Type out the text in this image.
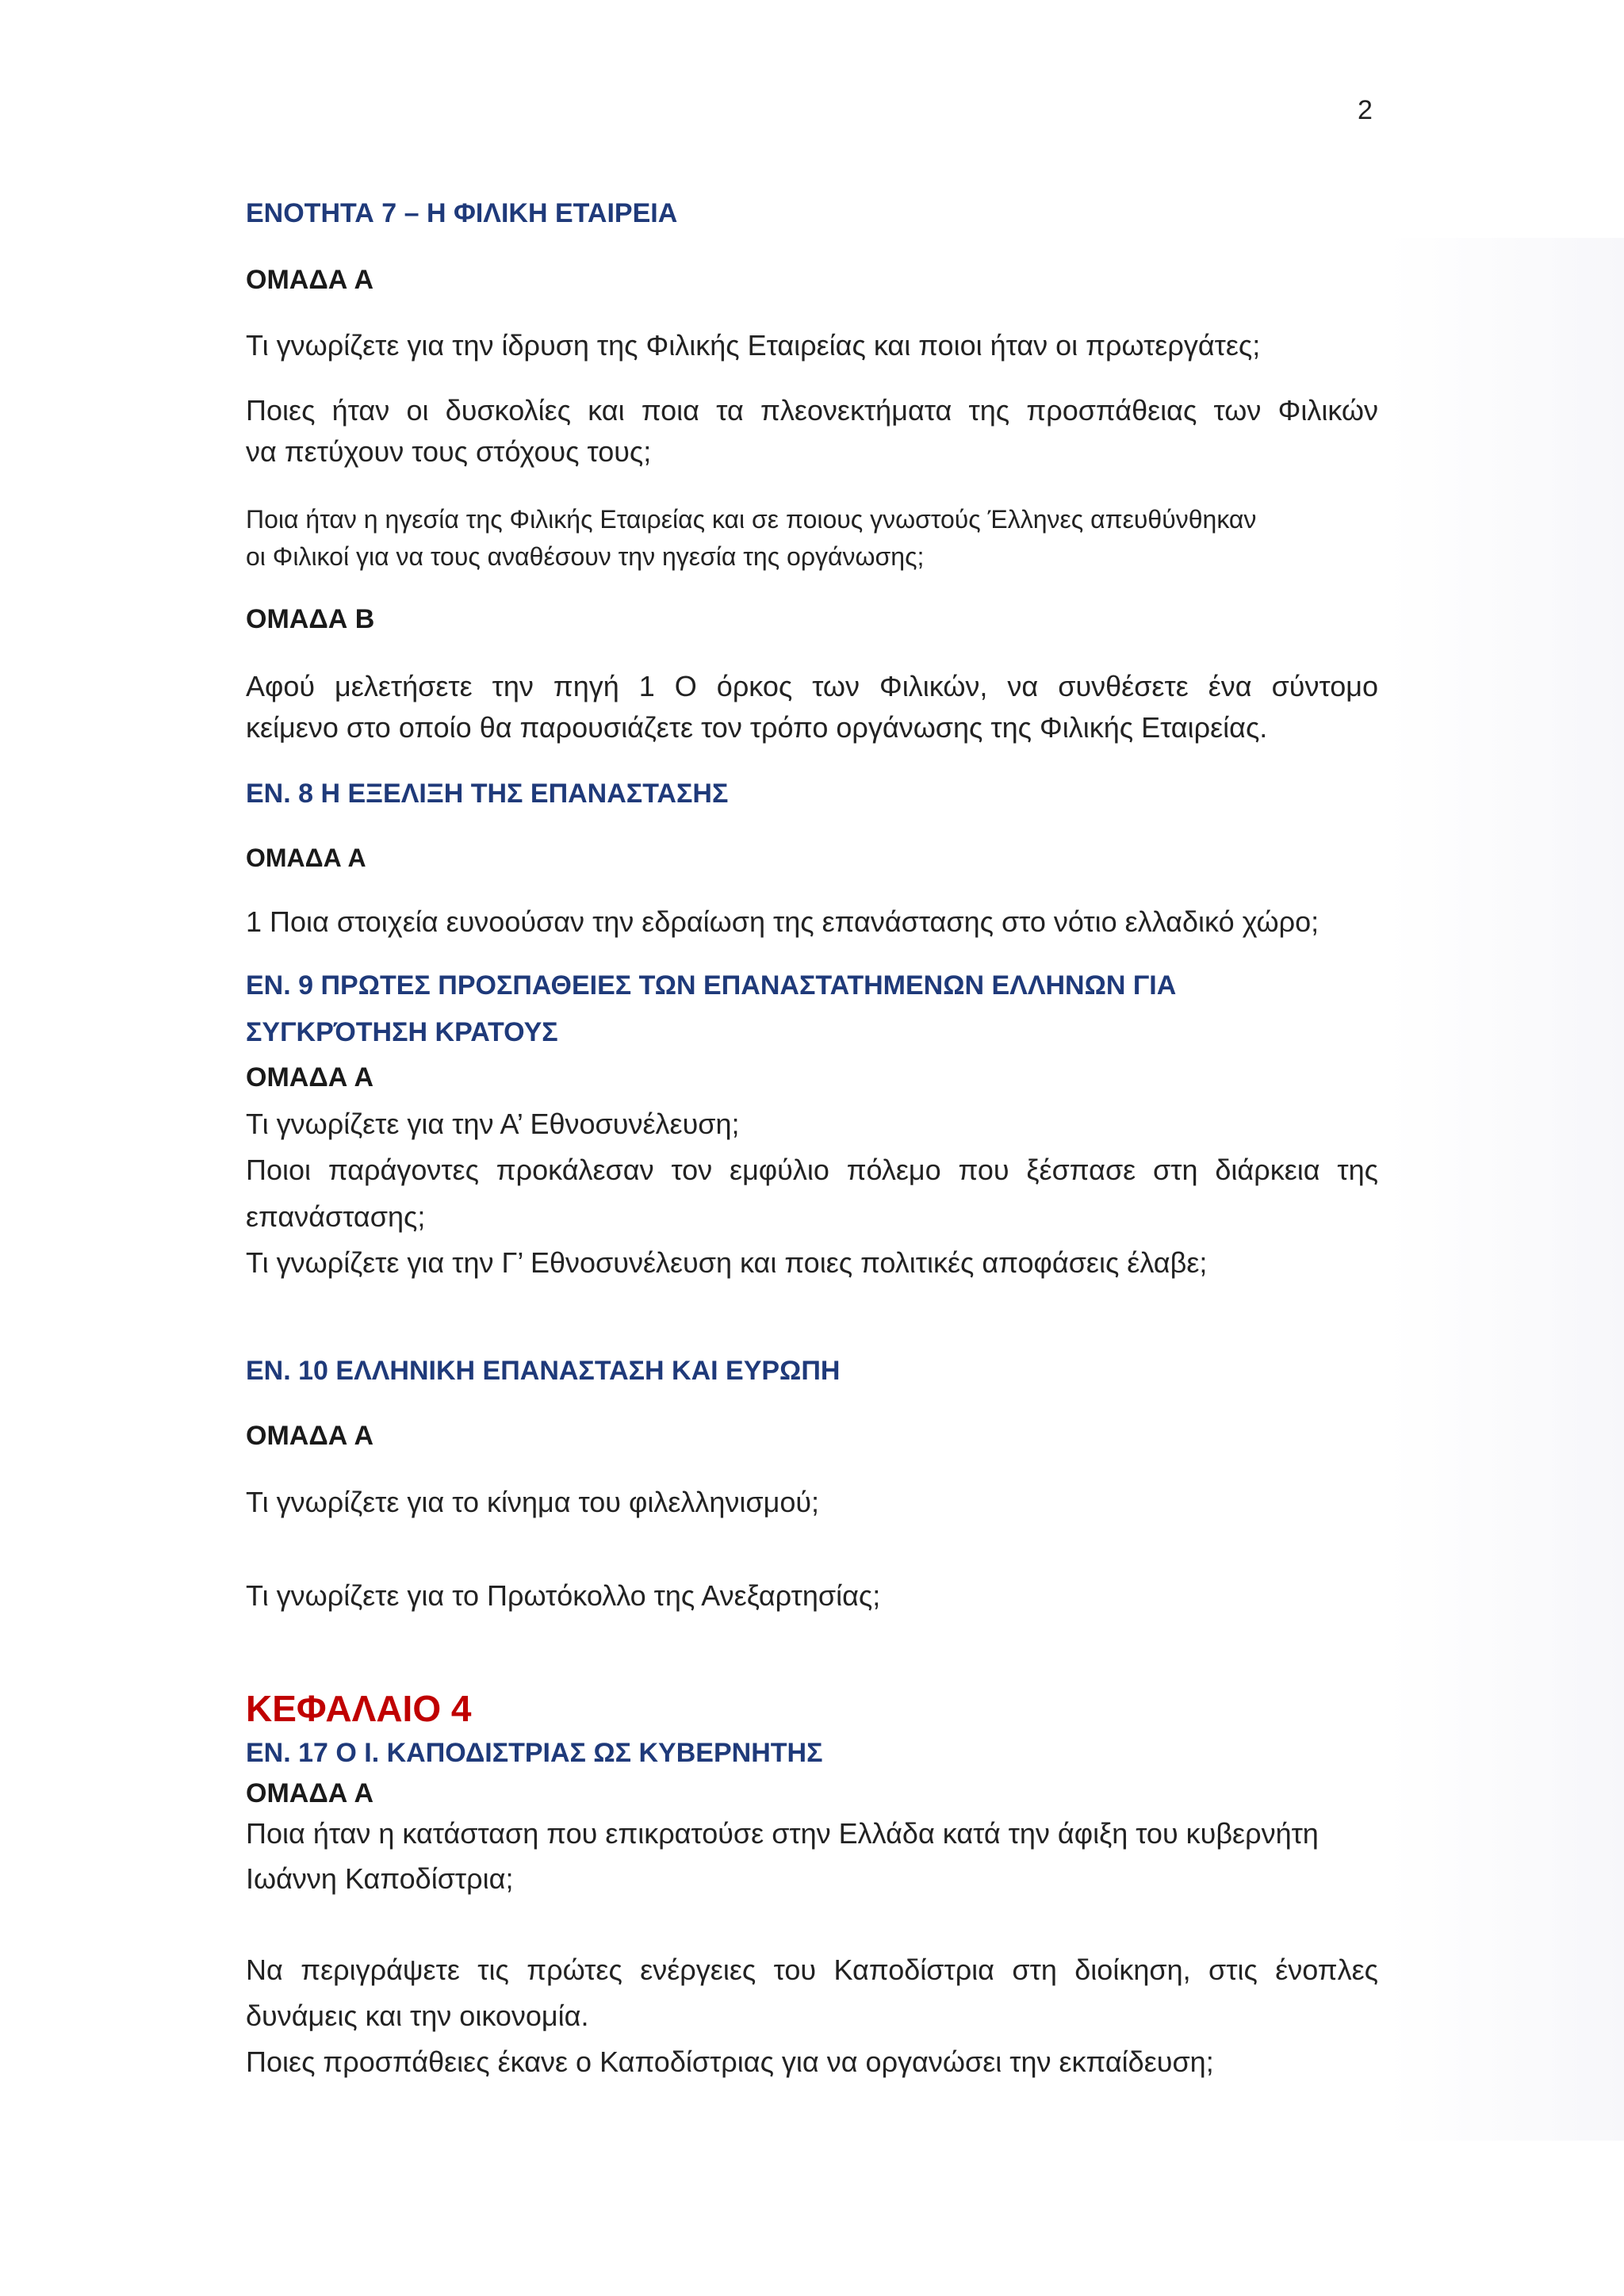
2
ΕΝΟΤΗΤΑ 7 – Η ΦΙΛΙΚΗ ΕΤΑΙΡΕΙΑ
ΟΜΑΔΑ Α
Τι γνωρίζετε για την ίδρυση της Φιλικής Εταιρείας και ποιοι ήταν οι πρωτεργάτες;
Ποιες ήταν οι δυσκολίες και ποια τα πλεονεκτήματα της προσπάθειας των Φιλικών
να πετύχουν τους στόχους τους;
Ποια ήταν η ηγεσία της Φιλικής Εταιρείας και σε ποιους γνωστούς Έλληνες απευθύνθηκαν
οι Φιλικοί για να τους αναθέσουν την ηγεσία της οργάνωσης;
ΟΜΑΔΑ Β
Αφού μελετήσετε την πηγή 1 Ο όρκος των Φιλικών, να συνθέσετε ένα σύντομο
κείμενο στο οποίο θα παρουσιάζετε τον τρόπο οργάνωσης της Φιλικής Εταιρείας.
ΕΝ. 8 Η ΕΞΕΛΙΞΗ ΤΗΣ ΕΠΑΝΑΣΤΑΣΗΣ
ΟΜΑΔΑ Α
1 Ποια στοιχεία ευνοούσαν την εδραίωση της επανάστασης στο νότιο ελλαδικό χώρο;
ΕΝ. 9 ΠΡΩΤΕΣ ΠΡΟΣΠΑΘΕΙΕΣ ΤΩΝ ΕΠΑΝΑΣΤΑΤΗΜΕΝΩΝ ΕΛΛΗΝΩΝ ΓΙΑ
ΣΥΓΚΡΌΤΗΣΗ ΚΡΑΤΟΥΣ
ΟΜΑΔΑ Α
Τι γνωρίζετε για την Α’ Εθνοσυνέλευση;
Ποιοι παράγοντες προκάλεσαν τον εμφύλιο πόλεμο που ξέσπασε στη διάρκεια της
επανάστασης;
Τι γνωρίζετε για την Γ’ Εθνοσυνέλευση και ποιες πολιτικές αποφάσεις έλαβε;
ΕΝ. 10 ΕΛΛΗΝΙΚΗ ΕΠΑΝΑΣΤΑΣΗ ΚΑΙ ΕΥΡΩΠΗ
ΟΜΑΔΑ Α
Τι γνωρίζετε για το κίνημα του φιλελληνισμού;
Τι γνωρίζετε για το Πρωτόκολλο της Ανεξαρτησίας;
ΚΕΦΑΛΑΙΟ 4
ΕΝ. 17 Ο Ι. ΚΑΠΟΔΙΣΤΡΙΑΣ ΩΣ ΚΥΒΕΡΝΗΤΗΣ
ΟΜΑΔΑ Α
Ποια ήταν η κατάσταση που επικρατούσε στην Ελλάδα κατά την άφιξη του κυβερνήτη
Ιωάννη Καποδίστρια;
Να περιγράψετε τις πρώτες ενέργειες του Καποδίστρια στη διοίκηση, στις ένοπλες
δυνάμεις και την οικονομία.
Ποιες προσπάθειες έκανε ο Καποδίστριας για να οργανώσει την εκπαίδευση;
